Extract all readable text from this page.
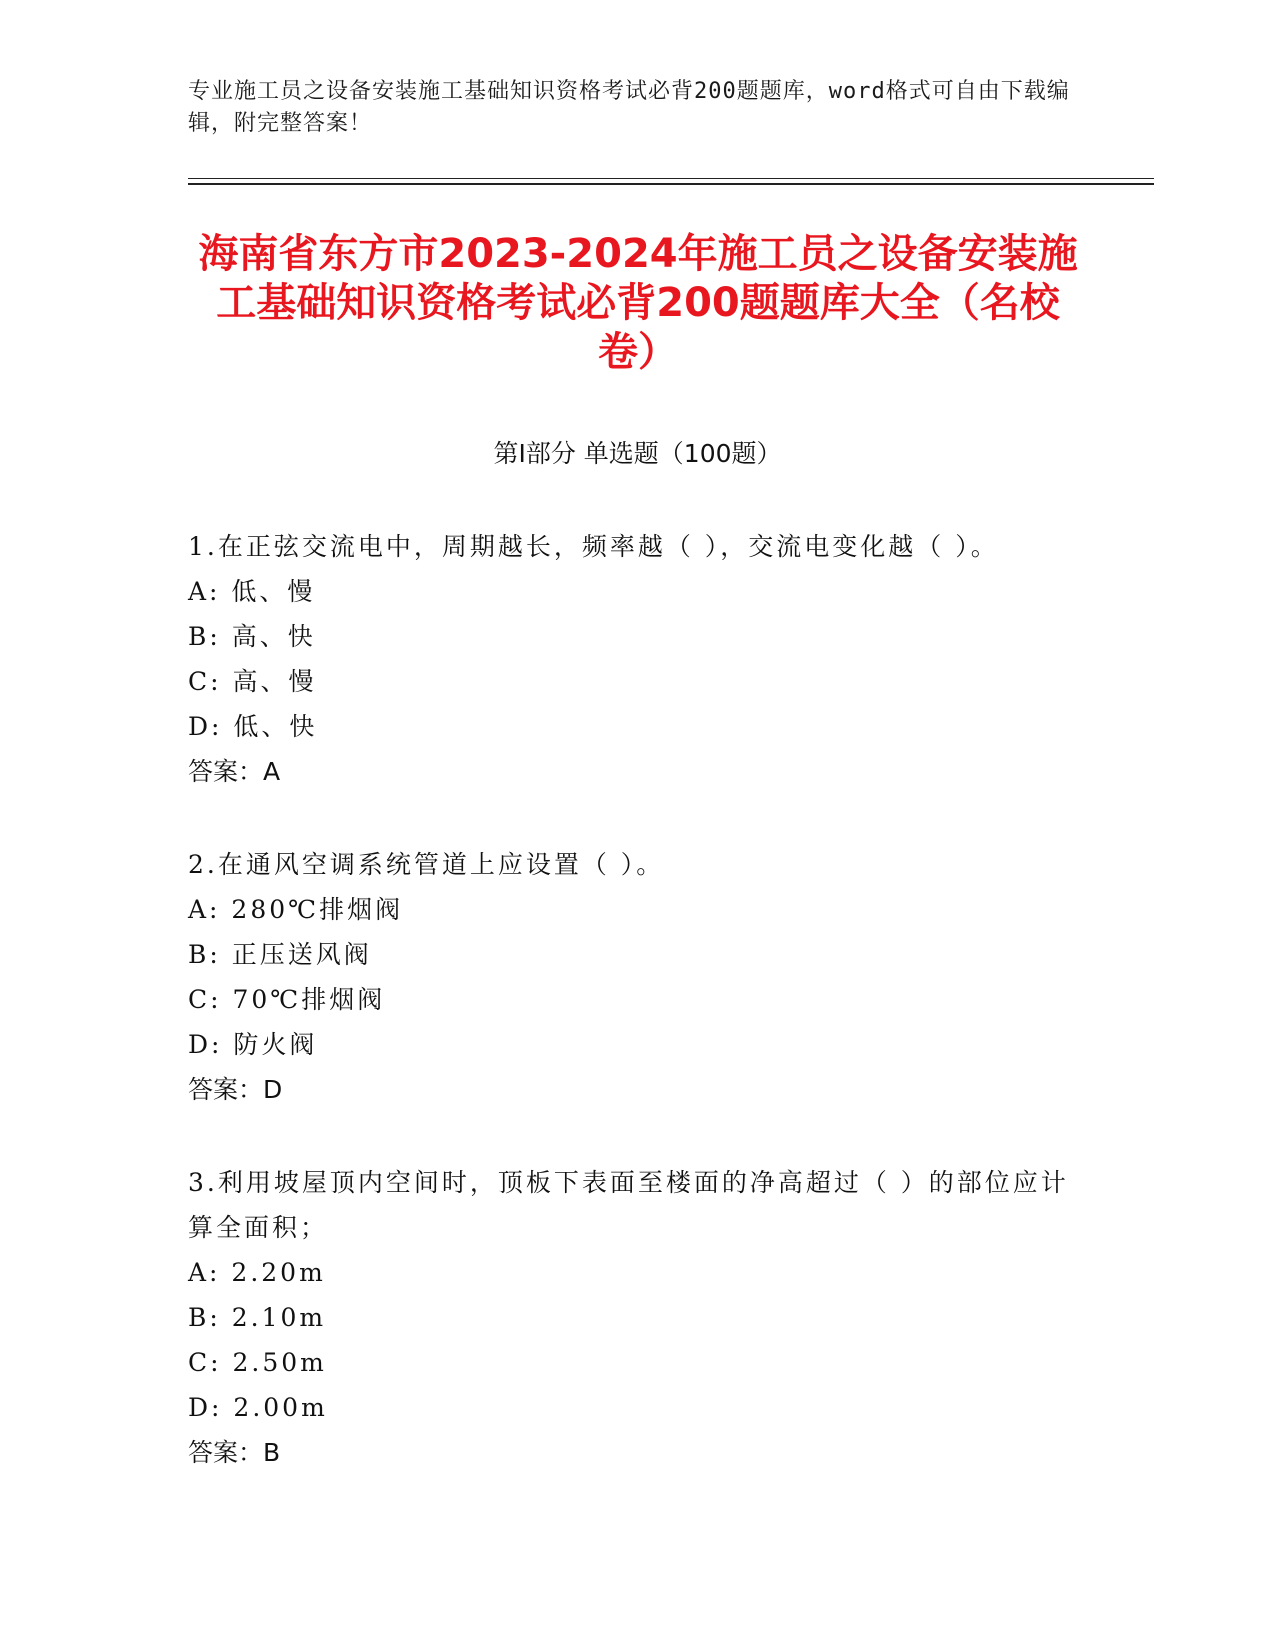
专业施工员之设备安装施工基础知识资格考试必背200题题库，word格式可自由下载编辑，附完整答案！
海南省东方市2023-2024年施工员之设备安装施工基础知识资格考试必背200题题库大全（名校卷）
第I部分 单选题（100题）
1.在正弦交流电中，周期越长，频率越（ ），交流电变化越（ ）。
A: 低、慢
B: 高、快
C: 高、慢
D: 低、快
答案：A
2.在通风空调系统管道上应设置（ ）。
A: 280℃排烟阀
B: 正压送风阀
C: 70℃排烟阀
D: 防火阀
答案：D
3.利用坡屋顶内空间时，顶板下表面至楼面的净高超过（ ）的部位应计算全面积；
A: 2.20m
B: 2.10m
C: 2.50m
D: 2.00m
答案：B
